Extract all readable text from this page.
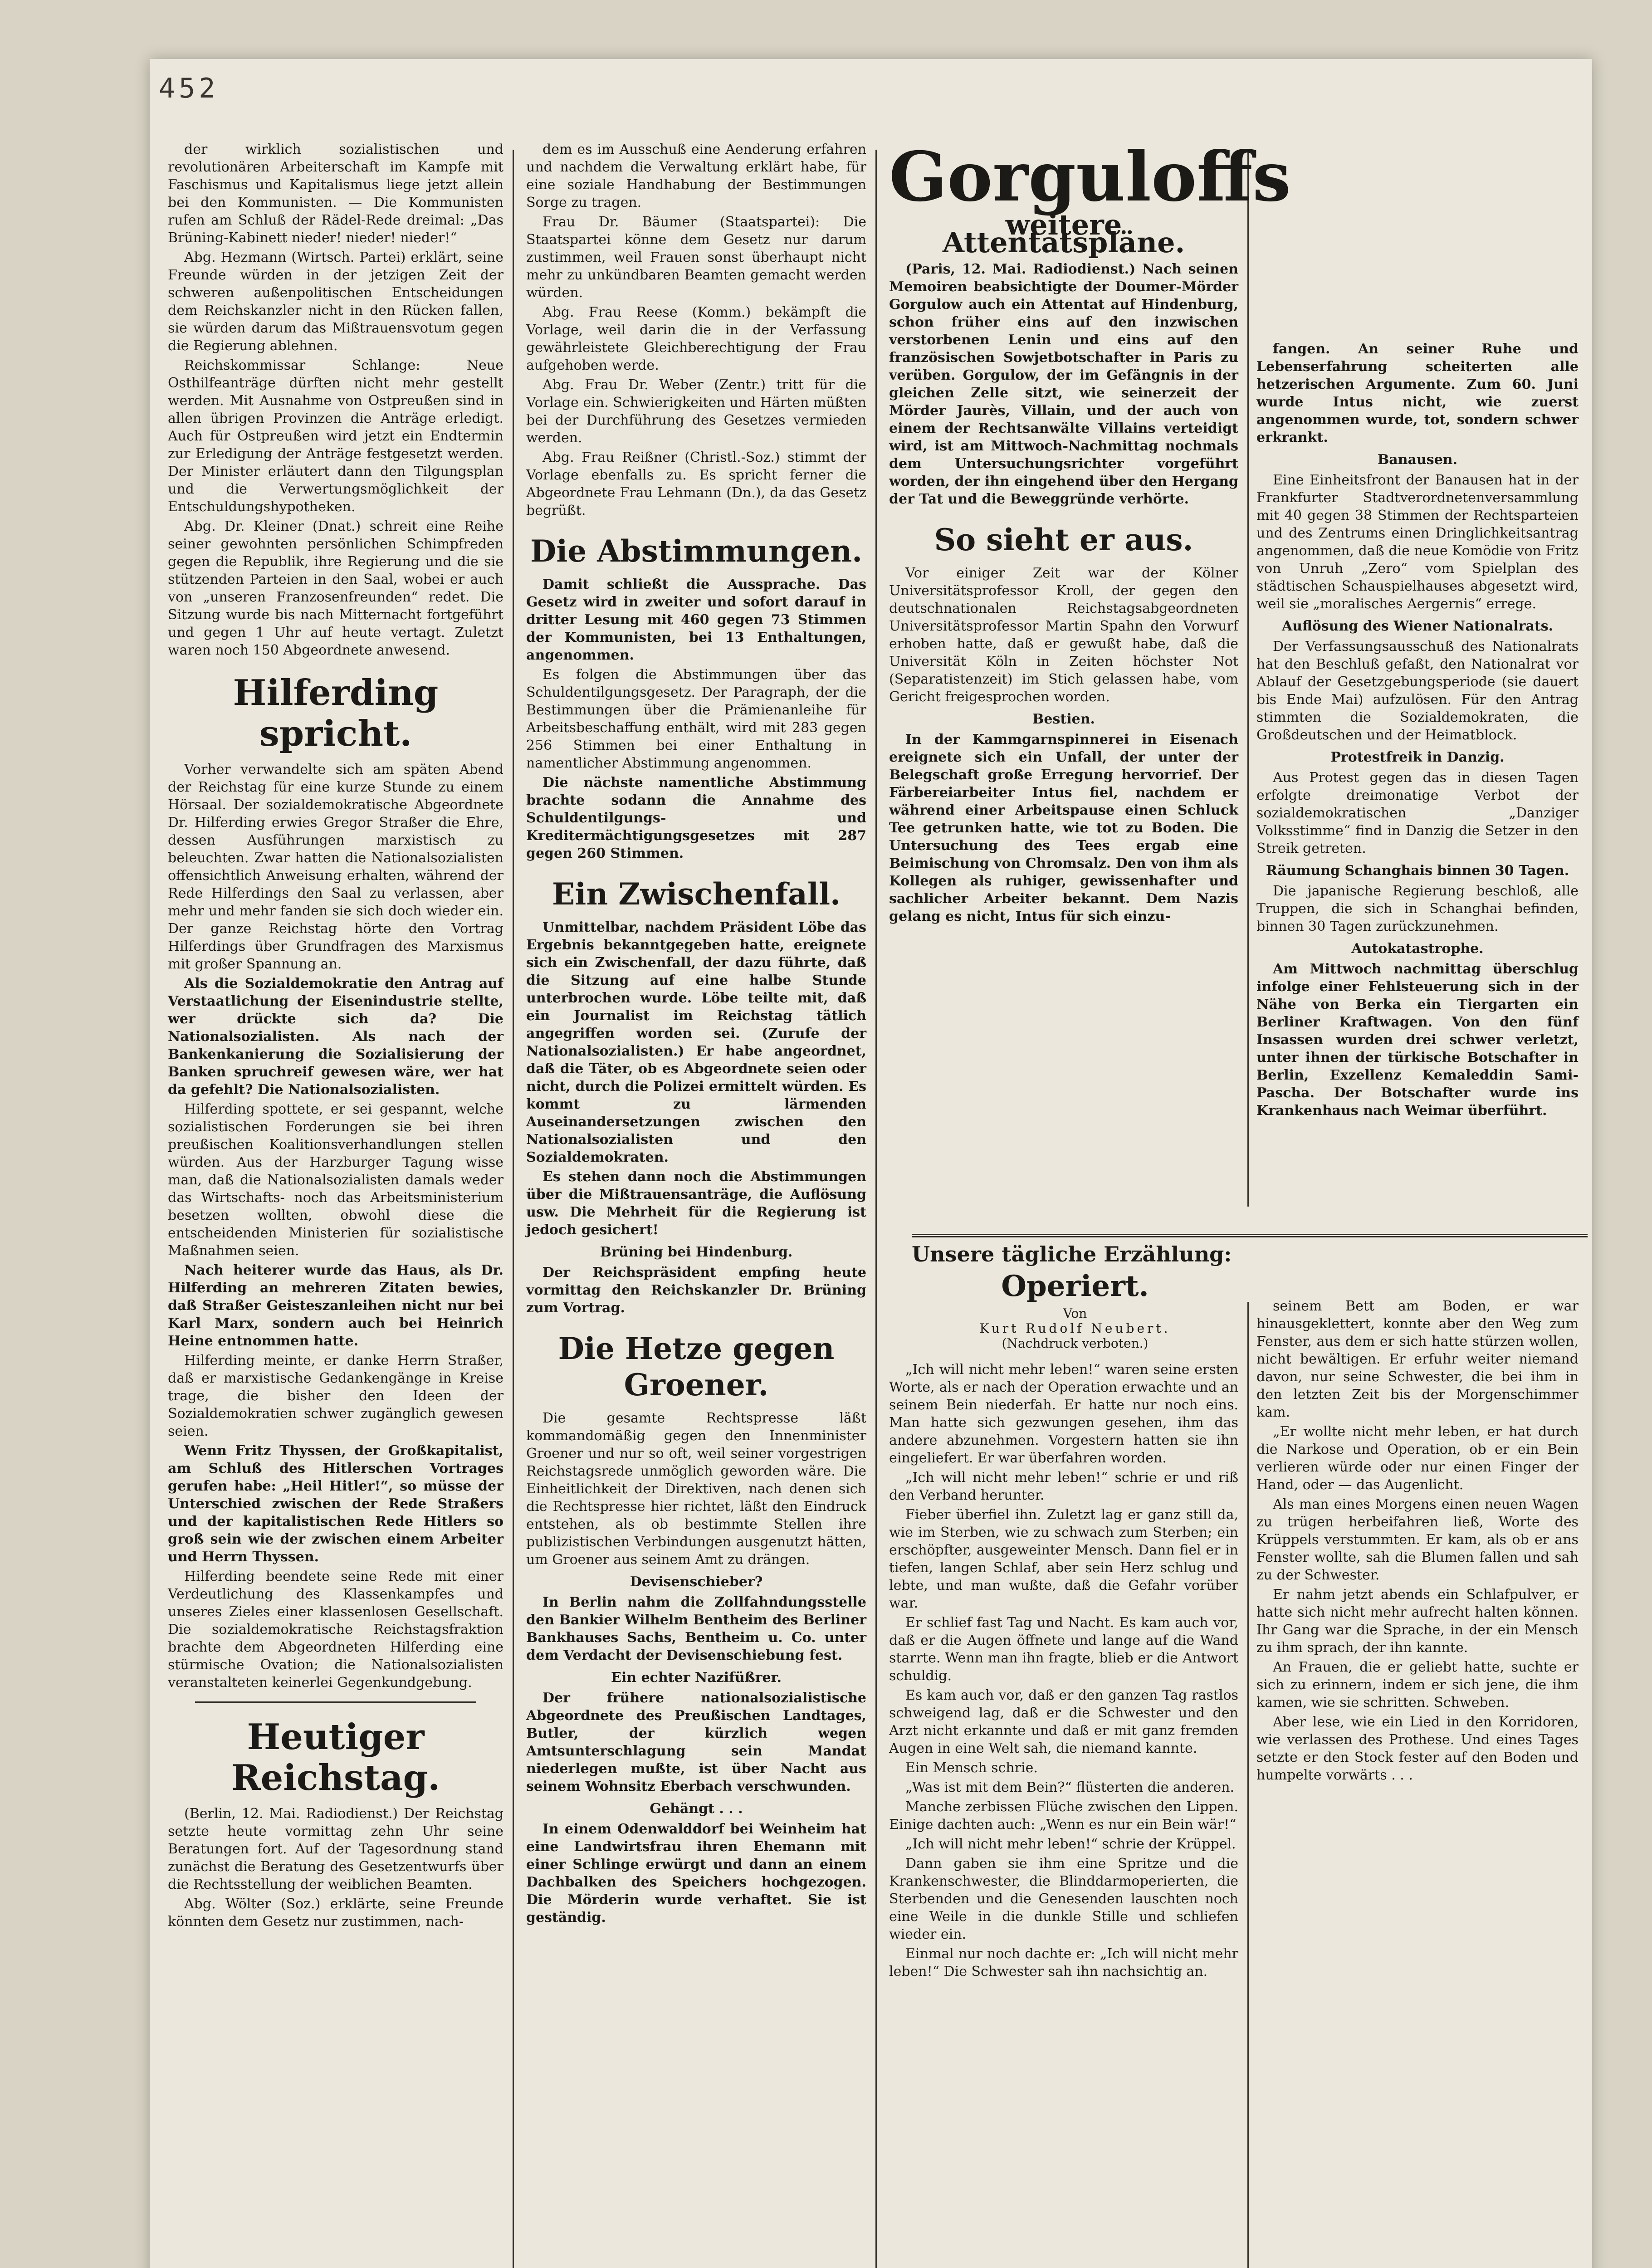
452

der wirklich sozialistischen und revolutionären Arbeiterschaft im Kampfe mit Faschismus und Kapitalismus liege jetzt allein bei den Kommunisten. — Die Kommunisten rufen am Schluß der Rädel-Rede dreimal: „Das Brüning-Kabinett nieder! nieder! nieder!“

Abg. Hezmann (Wirtsch. Partei) erklärt, seine Freunde würden in der jetzigen Zeit der schweren außenpolitischen Entscheidungen dem Reichskanzler nicht in den Rücken fallen, sie würden darum das Mißtrauensvotum gegen die Regierung ablehnen.

Reichskommissar Schlange: Neue Osthilfeanträge dürften nicht mehr gestellt werden. Mit Ausnahme von Ostpreußen sind in allen übrigen Provinzen die Anträge erledigt. Auch für Ostpreußen wird jetzt ein Endtermin zur Erledigung der Anträge festgesetzt werden. Der Minister erläutert dann den Tilgungsplan und die Verwertungsmöglichkeit der Entschuldungshypotheken.

Abg. Dr. Kleiner (Dnat.) schreit eine Reihe seiner gewohnten persönlichen Schimpfreden gegen die Republik, ihre Regierung und die sie stützenden Parteien in den Saal, wobei er auch von „unseren Franzosenfreunden“ redet. Die Sitzung wurde bis nach Mitternacht fortgeführt und gegen 1 Uhr auf heute vertagt. Zuletzt waren noch 150 Abgeordnete anwesend.

Hilferding spricht.

Vorher verwandelte sich am späten Abend der Reichstag für eine kurze Stunde zu einem Hörsaal. Der sozialdemokratische Abgeordnete Dr. Hilferding erwies Gregor Straßer die Ehre, dessen Ausführungen marxistisch zu beleuchten. Zwar hatten die Nationalsozialisten offensichtlich Anweisung erhalten, während der Rede Hilferdings den Saal zu verlassen, aber mehr und mehr fanden sie sich doch wieder ein. Der ganze Reichstag hörte den Vortrag Hilferdings über Grundfragen des Marxismus mit großer Spannung an.

Als die Sozialdemokratie den Antrag auf Verstaatlichung der Eisenindustrie stellte, wer drückte sich da? Die Nationalsozialisten. Als nach der Bankenkanierung die Sozialisierung der Banken spruchreif gewesen wäre, wer hat da gefehlt? Die Nationalsozialisten.

Hilferding spottete, er sei gespannt, welche sozialistischen Forderungen sie bei ihren preußischen Koalitionsverhandlungen stellen würden. Aus der Harzburger Tagung wisse man, daß die Nationalsozialisten damals weder das Wirtschafts- noch das Arbeitsministerium besetzen wollten, obwohl diese die entscheidenden Ministerien für sozialistische Maßnahmen seien.

Nach heiterer wurde das Haus, als Dr. Hilferding an mehreren Zitaten bewies, daß Straßer Geisteszanleihen nicht nur bei Karl Marx, sondern auch bei Heinrich Heine entnommen hatte.

Hilferding meinte, er danke Herrn Straßer, daß er marxistische Gedankengänge in Kreise trage, die bisher den Ideen der Sozialdemokratien schwer zugänglich gewesen seien.

Wenn Fritz Thyssen, der Großkapitalist, am Schluß des Hitlerschen Vortrages gerufen habe: „Heil Hitler!“, so müsse der Unterschied zwischen der Rede Straßers und der kapitalistischen Rede Hitlers so groß sein wie der zwischen einem Arbeiter und Herrn Thyssen.

Hilferding beendete seine Rede mit einer Verdeutlichung des Klassenkampfes und unseres Zieles einer klassenlosen Gesellschaft. Die sozialdemokratische Reichstagsfraktion brachte dem Abgeordneten Hilferding eine stürmische Ovation; die Nationalsozialisten veranstalteten keinerlei Gegenkundgebung.

Heutiger Reichstag.

(Berlin, 12. Mai. Radiodienst.) Der Reichstag setzte heute vormittag zehn Uhr seine Beratungen fort. Auf der Tagesordnung stand zunächst die Beratung des Gesetzentwurfs über die Rechtsstellung der weiblichen Beamten.

Abg. Wölter (Soz.) erklärte, seine Freunde könnten dem Gesetz nur zustimmen, nach-

dem es im Ausschuß eine Aenderung erfahren und nachdem die Verwaltung erklärt habe, für eine soziale Handhabung der Bestimmungen Sorge zu tragen.

Frau Dr. Bäumer (Staatspartei): Die Staatspartei könne dem Gesetz nur darum zustimmen, weil Frauen sonst überhaupt nicht mehr zu unkündbaren Beamten gemacht werden würden.

Abg. Frau Reese (Komm.) bekämpft die Vorlage, weil darin die in der Verfassung gewährleistete Gleichberechtigung der Frau aufgehoben werde.

Abg. Frau Dr. Weber (Zentr.) tritt für die Vorlage ein. Schwierigkeiten und Härten müßten bei der Durchführung des Gesetzes vermieden werden.

Abg. Frau Reißner (Christl.-Soz.) stimmt der Vorlage ebenfalls zu. Es spricht ferner die Abgeordnete Frau Lehmann (Dn.), da das Gesetz begrüßt.

Die Abstimmungen.

Damit schließt die Aussprache. Das Gesetz wird in zweiter und sofort darauf in dritter Lesung mit 460 gegen 73 Stimmen der Kommunisten, bei 13 Enthaltungen, angenommen.

Es folgen die Abstimmungen über das Schuldentilgungsgesetz. Der Paragraph, der die Bestimmungen über die Prämienanleihe für Arbeitsbeschaffung enthält, wird mit 283 gegen 256 Stimmen bei einer Enthaltung in namentlicher Abstimmung angenommen.

Die nächste namentliche Abstimmung brachte sodann die Annahme des Schuldentilgungs- und Kreditermächtigungsgesetzes mit 287 gegen 260 Stimmen.

Ein Zwischenfall.

Unmittelbar, nachdem Präsident Löbe das Ergebnis bekanntgegeben hatte, ereignete sich ein Zwischenfall, der dazu führte, daß die Sitzung auf eine halbe Stunde unterbrochen wurde. Löbe teilte mit, daß ein Journalist im Reichstag tätlich angegriffen worden sei. (Zurufe der Nationalsozialisten.) Er habe angeordnet, daß die Täter, ob es Abgeordnete seien oder nicht, durch die Polizei ermittelt würden. Es kommt zu lärmenden Auseinandersetzungen zwischen den Nationalsozialisten und den Sozialdemokraten.

Es stehen dann noch die Abstimmungen über die Mißtrauensanträge, die Auflösung usw. Die Mehrheit für die Regierung ist jedoch gesichert!

Brüning bei Hindenburg.

Der Reichspräsident empfing heute vormittag den Reichskanzler Dr. Brüning zum Vortrag.

Die Hetze gegen Groener.

Die gesamte Rechtspresse läßt kommandomäßig gegen den Innenminister Groener und nur so oft, weil seiner vorgestrigen Reichstagsrede unmöglich geworden wäre. Die Einheitlichkeit der Direktiven, nach denen sich die Rechtspresse hier richtet, läßt den Eindruck entstehen, als ob bestimmte Stellen ihre publizistischen Verbindungen ausgenutzt hätten, um Groener aus seinem Amt zu drängen.

Devisenschieber?

In Berlin nahm die Zollfahndungsstelle den Bankier Wilhelm Bentheim des Berliner Bankhauses Sachs, Bentheim u. Co. unter dem Verdacht der Devisenschiebung fest.

Ein echter Nazifüßrer.

Der frühere nationalsozialistische Abgeordnete des Preußischen Landtages, Butler, der kürzlich wegen Amtsunterschlagung sein Mandat niederlegen mußte, ist über Nacht aus seinem Wohnsitz Eberbach verschwunden.

Gehängt . . .

In einem Odenwalddorf bei Weinheim hat eine Landwirtsfrau ihren Ehemann mit einer Schlinge erwürgt und dann an einem Dachbalken des Speichers hochgezogen. Die Mörderin wurde verhaftet. Sie ist geständig.

Gorguloffs
weitere Attentatspläne.

(Paris, 12. Mai. Radiodienst.) Nach seinen Memoiren beabsichtigte der Doumer-Mörder Gorgulow auch ein Attentat auf Hindenburg, schon früher eins auf den inzwischen verstorbenen Lenin und eins auf den französischen Sowjetbotschafter in Paris zu verüben. Gorgulow, der im Gefängnis in der gleichen Zelle sitzt, wie seinerzeit der Mörder Jaurès, Villain, und der auch von einem der Rechtsanwälte Villains verteidigt wird, ist am Mittwoch-Nachmittag nochmals dem Untersuchungsrichter vorgeführt worden, der ihn eingehend über den Hergang der Tat und die Beweggründe verhörte.

So sieht er aus.

Vor einiger Zeit war der Kölner Universitätsprofessor Kroll, der gegen den deutschnationalen Reichstagsabgeordneten Universitätsprofessor Martin Spahn den Vorwurf erhoben hatte, daß er gewußt habe, daß die Universität Köln in Zeiten höchster Not (Separatistenzeit) im Stich gelassen habe, vom Gericht freigesprochen worden.

Bestien.

In der Kammgarnspinnerei in Eisenach ereignete sich ein Unfall, der unter der Belegschaft große Erregung hervorrief. Der Färbereiarbeiter Intus fiel, nachdem er während einer Arbeitspause einen Schluck Tee getrunken hatte, wie tot zu Boden. Die Untersuchung des Tees ergab eine Beimischung von Chromsalz. Den von ihm als Kollegen als ruhiger, gewissenhafter und sachlicher Arbeiter bekannt. Dem Nazis gelang es nicht, Intus für sich einzu-

fangen. An seiner Ruhe und Lebenserfahrung scheiterten alle hetzerischen Argumente. Zum 60. Juni wurde Intus nicht, wie zuerst angenommen wurde, tot, sondern schwer erkrankt.

Banausen.

Eine Einheitsfront der Banausen hat in der Frankfurter Stadtverordnetenversammlung mit 40 gegen 38 Stimmen der Rechtsparteien und des Zentrums einen Dringlichkeitsantrag angenommen, daß die neue Komödie von Fritz von Unruh „Zero“ vom Spielplan des städtischen Schauspielhauses abgesetzt wird, weil sie „moralisches Aergernis“ errege.

Auflösung des Wiener Nationalrats.

Der Verfassungsausschuß des Nationalrats hat den Beschluß gefaßt, den Nationalrat vor Ablauf der Gesetzgebungsperiode (sie dauert bis Ende Mai) aufzulösen. Für den Antrag stimmten die Sozialdemokraten, die Großdeutschen und der Heimatblock.

Protestfreik in Danzig.

Aus Protest gegen das in diesen Tagen erfolgte dreimonatige Verbot der sozialdemokratischen „Danziger Volksstimme“ find in Danzig die Setzer in den Streik getreten.

Räumung Schanghais binnen 30 Tagen.

Die japanische Regierung beschloß, alle Truppen, die sich in Schanghai befinden, binnen 30 Tagen zurückzunehmen.

Autokatastrophe.

Am Mittwoch nachmittag überschlug infolge einer Fehlsteuerung sich in der Nähe von Berka ein Tiergarten ein Berliner Kraftwagen. Von den fünf Insassen wurden drei schwer verletzt, unter ihnen der türkische Botschafter in Berlin, Exzellenz Kemaleddin Sami-Pascha. Der Botschafter wurde ins Krankenhaus nach Weimar überführt.

Unsere tägliche Erzählung:
Operiert.
Von
Kurt Rudolf Neubert.
(Nachdruck verboten.)

„Ich will nicht mehr leben!“ waren seine ersten Worte, als er nach der Operation erwachte und an seinem Bein niederfah. Er hatte nur noch eins. Man hatte sich gezwungen gesehen, ihm das andere abzunehmen. Vorgestern hatten sie ihn eingeliefert. Er war überfahren worden.

„Ich will nicht mehr leben!“ schrie er und riß den Verband herunter.

Fieber überfiel ihn. Zuletzt lag er ganz still da, wie im Sterben, wie zu schwach zum Sterben; ein erschöpfter, ausgeweinter Mensch. Dann fiel er in tiefen, langen Schlaf, aber sein Herz schlug und lebte, und man wußte, daß die Gefahr vorüber war.

Er schlief fast Tag und Nacht. Es kam auch vor, daß er die Augen öffnete und lange auf die Wand starrte. Wenn man ihn fragte, blieb er die Antwort schuldig.

Es kam auch vor, daß er den ganzen Tag rastlos schweigend lag, daß er die Schwester und den Arzt nicht erkannte und daß er mit ganz fremden Augen in eine Welt sah, die niemand kannte.

Ein Mensch schrie.

„Was ist mit dem Bein?“ flüsterten die anderen.

Manche zerbissen Flüche zwischen den Lippen. Einige dachten auch: „Wenn es nur ein Bein wär!“

„Ich will nicht mehr leben!“ schrie der Krüppel.

Dann gaben sie ihm eine Spritze und die Krankenschwester, die Blinddarmoperierten, die Sterbenden und die Genesenden lauschten noch eine Weile in die dunkle Stille und schliefen wieder ein.

Einmal nur noch dachte er: „Ich will nicht mehr leben!“ Die Schwester sah ihn nachsichtig an.

seinem Bett am Boden, er war hinausgeklettert, konnte aber den Weg zum Fenster, aus dem er sich hatte stürzen wollen, nicht bewältigen. Er erfuhr weiter niemand davon, nur seine Schwester, die bei ihm in den letzten Zeit bis der Morgenschimmer kam.

„Er wollte nicht mehr leben, er hat durch die Narkose und Operation, ob er ein Bein verlieren würde oder nur einen Finger der Hand, oder — das Augenlicht.

Als man eines Morgens einen neuen Wagen zu trügen herbeifahren ließ, Worte des Krüppels verstummten. Er kam, als ob er ans Fenster wollte, sah die Blumen fallen und sah zu der Schwester.

Er nahm jetzt abends ein Schlafpulver, er hatte sich nicht mehr aufrecht halten können. Ihr Gang war die Sprache, in der ein Mensch zu ihm sprach, der ihn kannte.

An Frauen, die er geliebt hatte, suchte er sich zu erinnern, indem er sich jene, die ihm kamen, wie sie schritten. Schweben.

Aber lese, wie ein Lied in den Korridoren, wie verlassen des Prothese. Und eines Tages setzte er den Stock fester auf den Boden und humpelte vorwärts . . .
